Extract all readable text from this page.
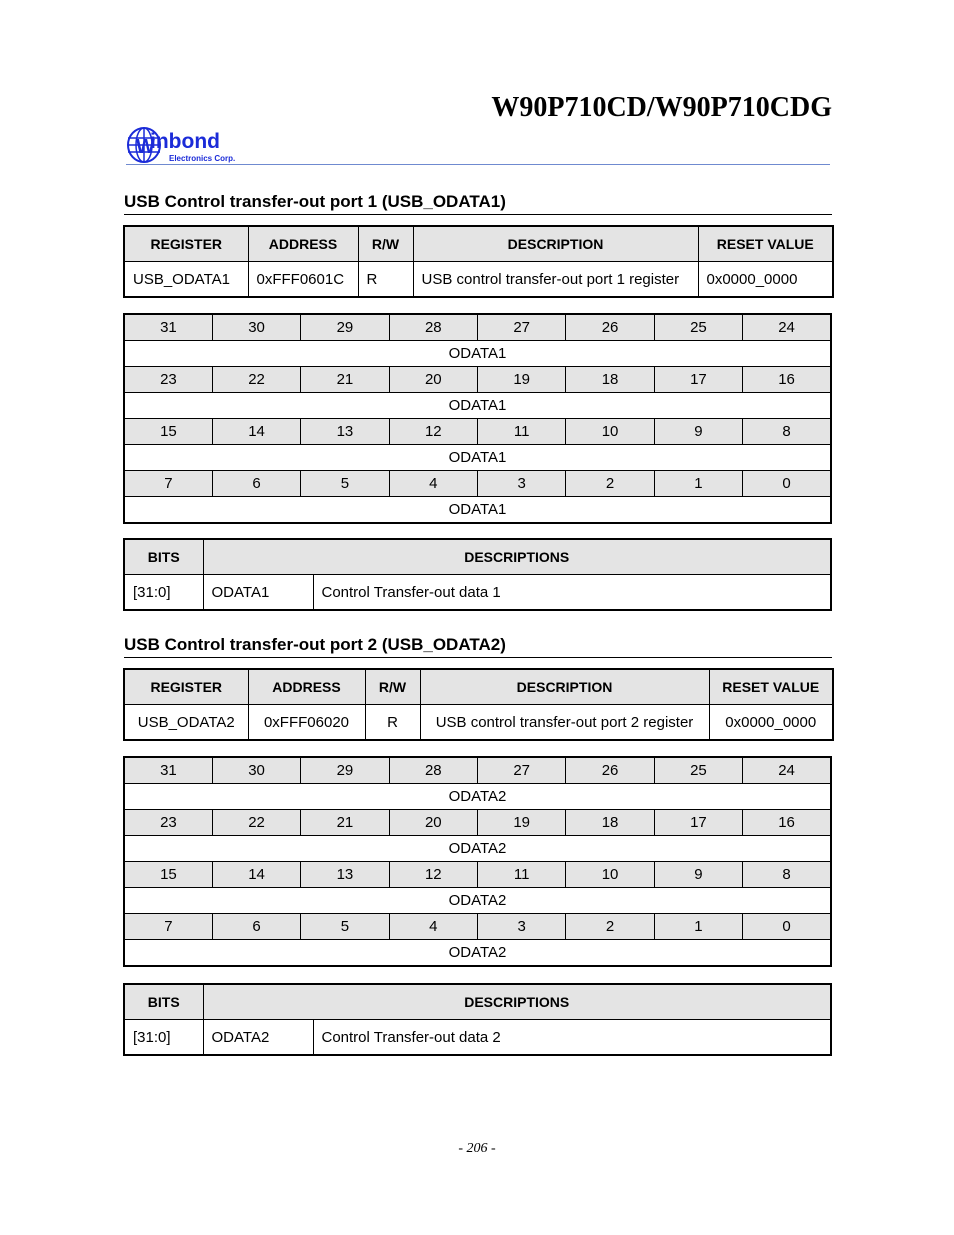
W90P710CD/W90P710CDG
W
inbond
Electronics Corp.
USB Control transfer-out port 1 (USB_ODATA1)
REGISTER	ADDRESS	R/W	DESCRIPTION	RESET VALUE
USB_ODATA1	0xFFF0601C	R	USB control transfer-out port 1 register	0x0000_0000
31	30	29	28	27	26	25	24
ODATA1							
23	22	21	20	19	18	17	16
ODATA1							
15	14	13	12	11	10	9	8
ODATA1							
7	6	5	4	3	2	1	0
ODATA1							
BITS	DESCRIPTIONS	
[31:0]	ODATA1	Control Transfer-out data 1
USB Control transfer-out port 2 (USB_ODATA2)
REGISTER	ADDRESS	R/W	DESCRIPTION	RESET VALUE
USB_ODATA2	0xFFF06020	R	USB control transfer-out port 2 register	0x0000_0000
31	30	29	28	27	26	25	24
ODATA2							
23	22	21	20	19	18	17	16
ODATA2							
15	14	13	12	11	10	9	8
ODATA2							
7	6	5	4	3	2	1	0
ODATA2							
BITS	DESCRIPTIONS	
[31:0]	ODATA2	Control Transfer-out data 2
- 206 -
